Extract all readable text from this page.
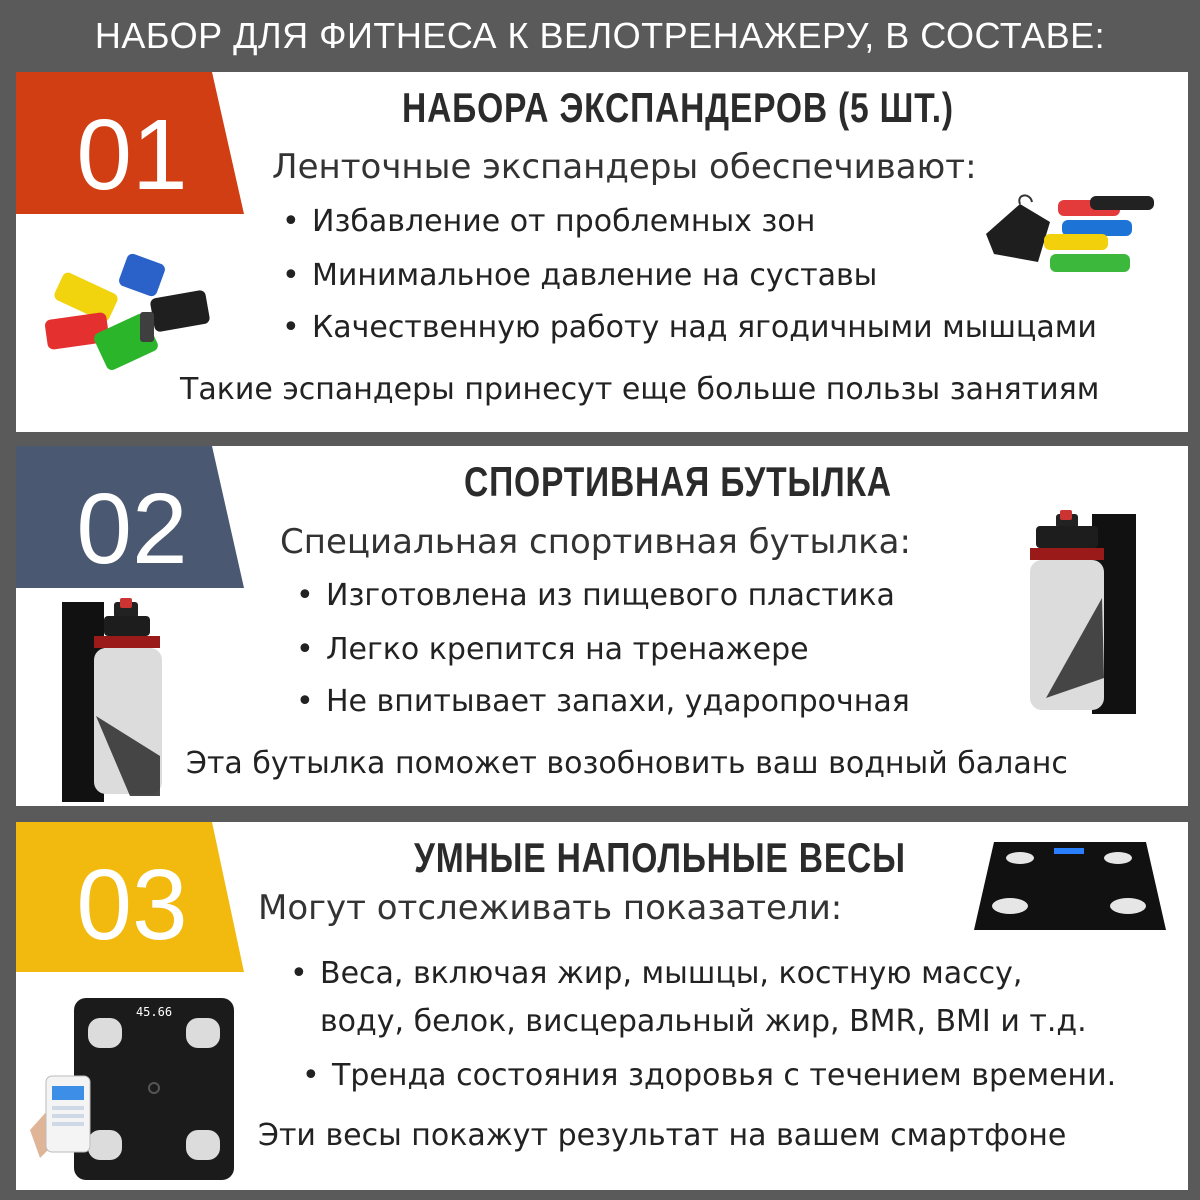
НАБОР ДЛЯ ФИТНЕСА К ВЕЛОТРЕНАЖЕРУ, В СОСТАВЕ:
01	НАБОРА ЭКСПАНДЕРОВ (5 ШТ.)
Ленточные экспандеры обеспечивают:
• Избавление от проблемных зон
• Минимальное давление на суставы
• Качественную работу над ягодичными мышцами
Такие эспандеры принесут еще больше пользы занятиям
02	СПОРТИВНАЯ БУТЫЛКА
Специальная спортивная бутылка:
• Изготовлена из пищевого пластика
• Легко крепится на тренажере
• Не впитывает запахи, ударопрочная
Эта бутылка поможет возобновить ваш водный баланс
03	УМНЫЕ НАПОЛЬНЫЕ ВЕСЫ
Могут отслеживать показатели:
• Веса, включая жир, мышцы, костную массу,
воду, белок, висцеральный жир, BMR, BMI и т.д.
• Тренда состояния здоровья с течением времени.
Эти весы покажут результат на вашем смартфоне
45.66
